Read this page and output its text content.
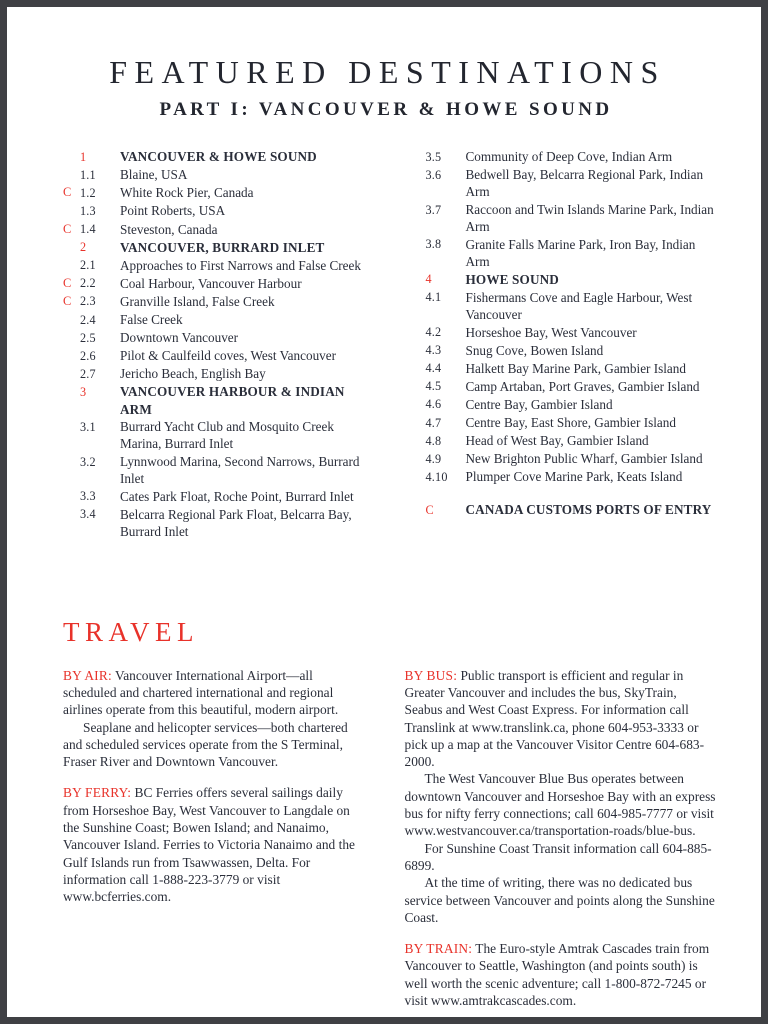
FEATURED DESTINATIONS
PART I: VANCOUVER & HOWE SOUND
1	VANCOUVER & HOWE SOUND
1.1	Blaine, USA
C 1.2	White Rock Pier, Canada
1.3	Point Roberts, USA
C 1.4	Steveston, Canada
2	VANCOUVER, BURRARD INLET
2.1	Approaches to First Narrows and False Creek
C 2.2	Coal Harbour, Vancouver Harbour
C 2.3	Granville Island, False Creek
2.4	False Creek
2.5	Downtown Vancouver
2.6	Pilot & Caulfeild coves, West Vancouver
2.7	Jericho Beach, English Bay
3	VANCOUVER HARBOUR & INDIAN ARM
3.1	Burrard Yacht Club and Mosquito Creek Marina, Burrard Inlet
3.2	Lynnwood Marina, Second Narrows, Burrard Inlet
3.3	Cates Park Float, Roche Point, Burrard Inlet
3.4	Belcarra Regional Park Float, Belcarra Bay, Burrard Inlet
3.5	Community of Deep Cove, Indian Arm
3.6	Bedwell Bay, Belcarra Regional Park, Indian Arm
3.7	Raccoon and Twin Islands Marine Park, Indian Arm
3.8	Granite Falls Marine Park, Iron Bay, Indian Arm
4	HOWE SOUND
4.1	Fishermans Cove and Eagle Harbour, West Vancouver
4.2	Horseshoe Bay, West Vancouver
4.3	Snug Cove, Bowen Island
4.4	Halkett Bay Marine Park, Gambier Island
4.5	Camp Artaban, Port Graves, Gambier Island
4.6	Centre Bay, Gambier Island
4.7	Centre Bay, East Shore, Gambier Island
4.8	Head of West Bay, Gambier Island
4.9	New Brighton Public Wharf, Gambier Island
4.10	Plumper Cove Marine Park, Keats Island
C	CANADA CUSTOMS PORTS OF ENTRY
TRAVEL

BY AIR: Vancouver International Airport—all scheduled and chartered international and regional airlines operate from this beautiful, modern airport.

Seaplane and helicopter services—both chartered and scheduled services operate from the S Terminal, Fraser River and Downtown Vancouver.

BY FERRY: BC Ferries offers several sailings daily from Horseshoe Bay, West Vancouver to Langdale on the Sunshine Coast; Bowen Island; and Nanaimo, Vancouver Island. Ferries to Victoria Nanaimo and the Gulf Islands run from Tsawwassen, Delta. For information call 1-888-223-3779 or visit www.bcferries.com.

BY BUS: Public transport is efficient and regular in Greater Vancouver and includes the bus, SkyTrain, Seabus and West Coast Express. For information call Translink at www.translink.ca, phone 604-953-3333 or pick up a map at the Vancouver Visitor Centre 604-683-2000.

The West Vancouver Blue Bus operates between downtown Vancouver and Horseshoe Bay with an express bus for nifty ferry connections; call 604-985-7777 or visit www.westvancouver.ca/transportation-roads/blue-bus.

For Sunshine Coast Transit information call 604-885-6899.

At the time of writing, there was no dedicated bus service between Vancouver and points along the Sunshine Coast.

BY TRAIN: The Euro-style Amtrak Cascades train from Vancouver to Seattle, Washington (and points south) is well worth the scenic adventure; call 1-800-872-7245 or visit www.amtrakcascades.com.
